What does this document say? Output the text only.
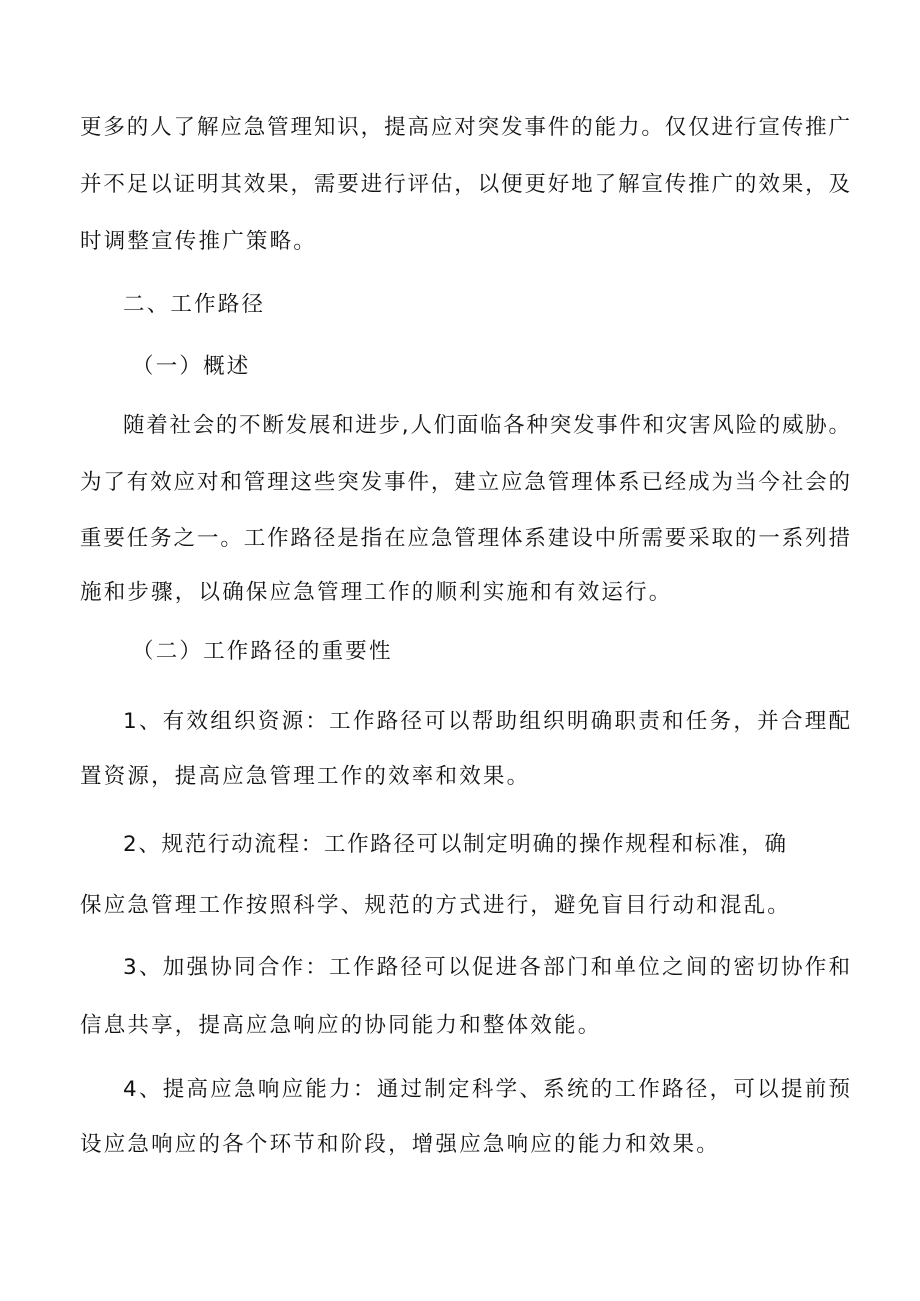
更多的人了解应急管理知识，提高应对突发事件的能力。仅仅进行宣传推广
并不足以证明其效果，需要进行评估，以便更好地了解宣传推广的效果，及
时调整宣传推广策略。
二、工作路径
（一）概述
随着社会的不断发展和进步,人们面临各种突发事件和灾害风险的威胁。
为了有效应对和管理这些突发事件，建立应急管理体系已经成为当今社会的
重要任务之一。工作路径是指在应急管理体系建设中所需要采取的一系列措
施和步骤，以确保应急管理工作的顺利实施和有效运行。
（二）工作路径的重要性
1、有效组织资源：工作路径可以帮助组织明确职责和任务，并合理配
置资源，提高应急管理工作的效率和效果。
2、规范行动流程：工作路径可以制定明确的操作规程和标准，确
保应急管理工作按照科学、规范的方式进行，避免盲目行动和混乱。
3、加强协同合作：工作路径可以促进各部门和单位之间的密切协作和
信息共享，提高应急响应的协同能力和整体效能。
4、提高应急响应能力：通过制定科学、系统的工作路径，可以提前预
设应急响应的各个环节和阶段，增强应急响应的能力和效果。
